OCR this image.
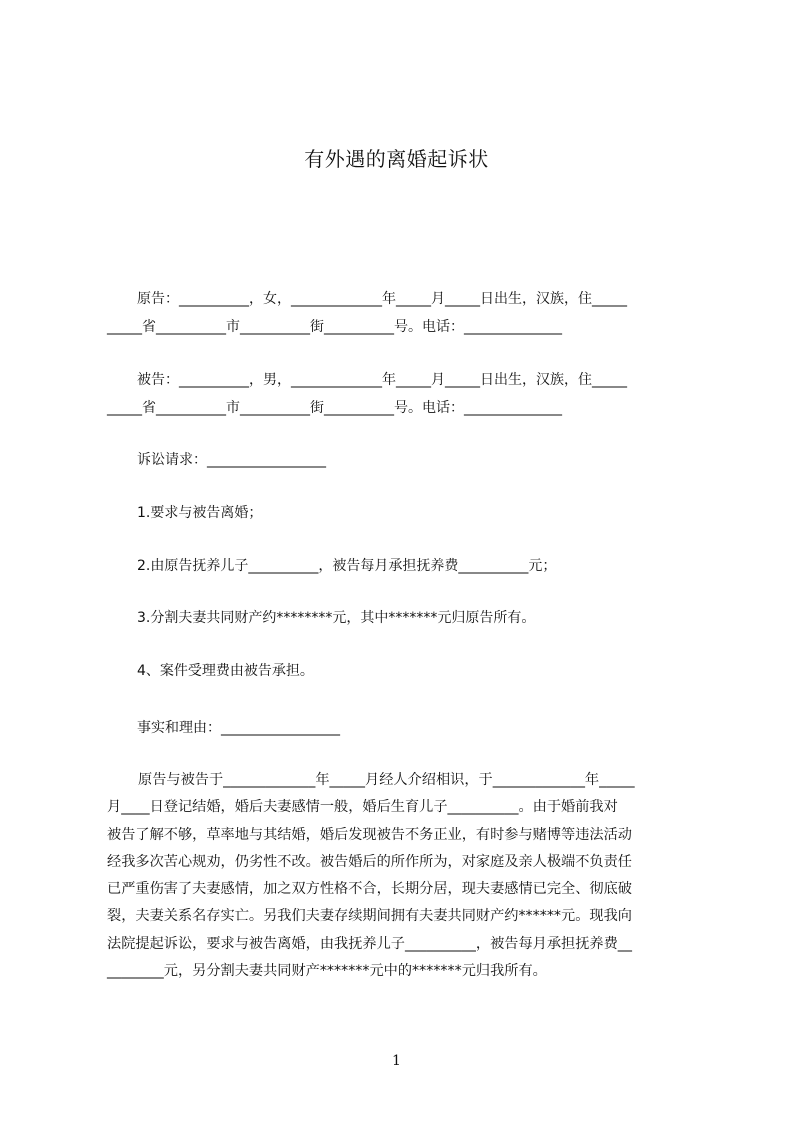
有外遇的离婚起诉状
原告：__________，女，_____________年_____月_____日出生，汉族，住_____
_____省__________市__________街__________号。电话：______________
被告：__________，男，_____________年_____月_____日出生，汉族，住_____
_____省__________市__________街__________号。电话：______________
诉讼请求：_________________
1.要求与被告离婚；
2.由原告抚养儿子__________，被告每月承担抚养费__________元；
3.分割夫妻共同财产约********元，其中*******元归原告所有。
4、案件受理费由被告承担。
事实和理由：_________________
原告与被告于_____________年_____月经人介绍相识，于_____________年_____
月____日登记结婚，婚后夫妻感情一般，婚后生育儿子__________。由于婚前我对
被告了解不够，草率地与其结婚，婚后发现被告不务正业，有时参与赌博等违法活动
经我多次苦心规劝，仍劣性不改。被告婚后的所作所为，对家庭及亲人极端不负责任
已严重伤害了夫妻感情，加之双方性格不合，长期分居，现夫妻感情已完全、彻底破
裂，夫妻关系名存实亡。另我们夫妻存续期间拥有夫妻共同财产约******元。现我向
法院提起诉讼，要求与被告离婚，由我抚养儿子__________，被告每月承担抚养费__
________元，另分割夫妻共同财产*******元中的*******元归我所有。
1
